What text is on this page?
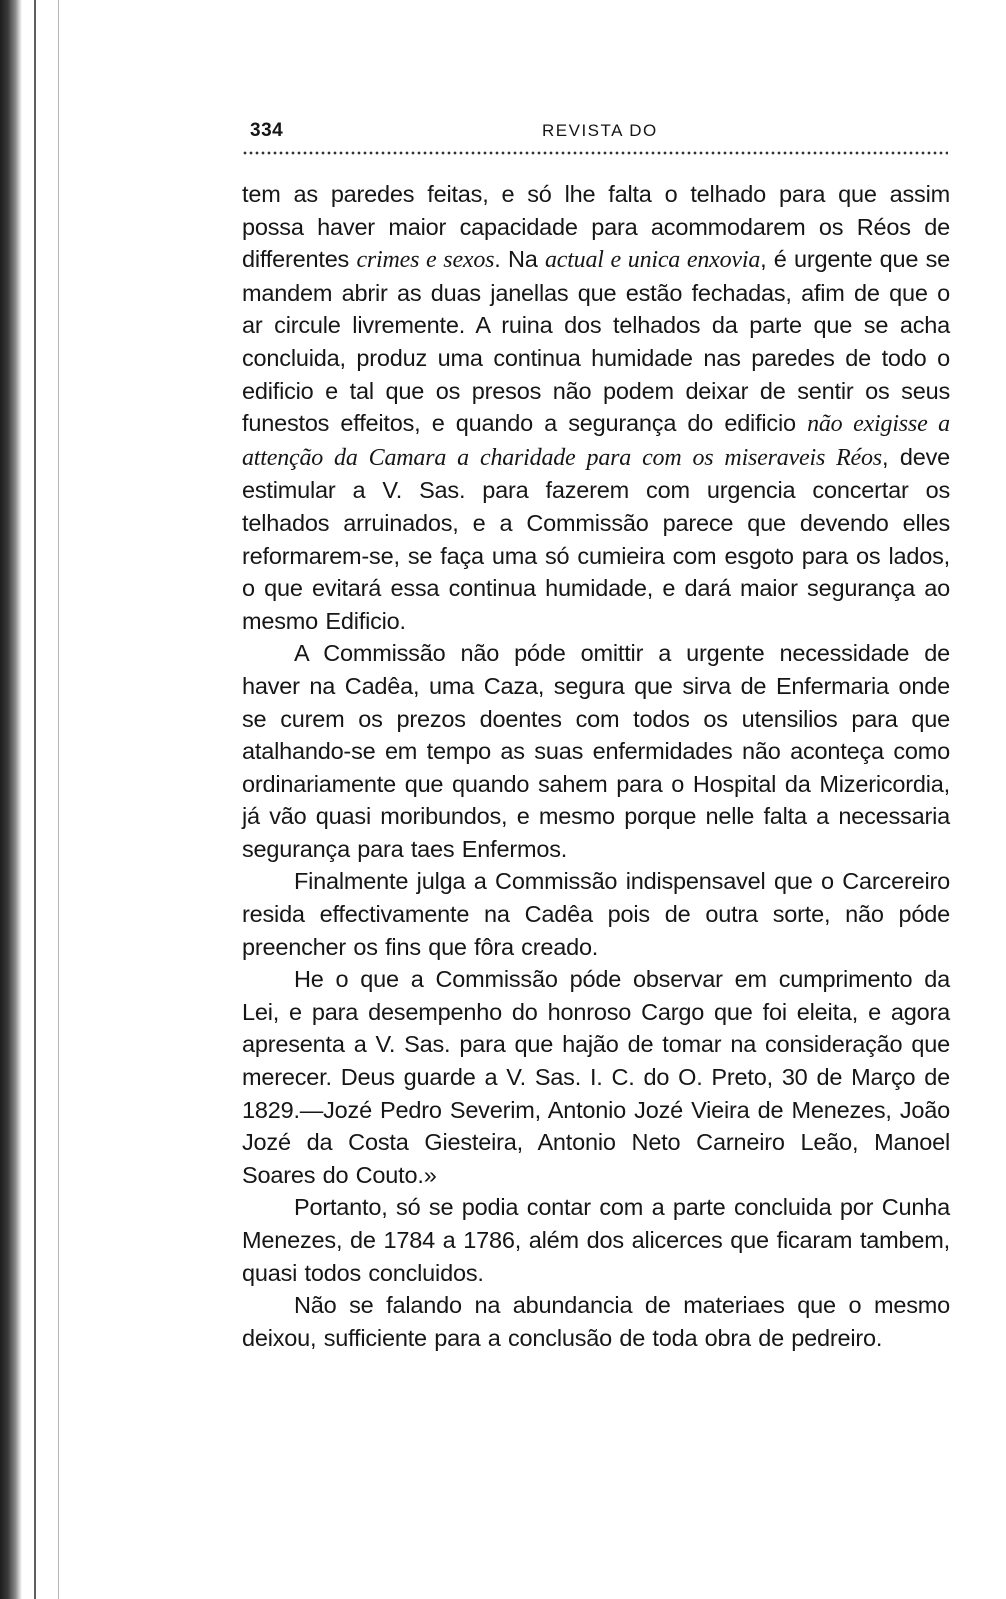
334	REVISTA DO

tem as paredes feitas, e só lhe falta o telhado para que assim possa haver maior capacidade para acommodarem os Réos de differentes crimes e sexos. Na actual e unica enxovia, é urgente que se mandem abrir as duas janellas que estão fechadas, afim de que o ar circule livremente. A ruina dos telhados da parte que se acha concluida, produz uma continua humidade nas paredes de todo o edificio e tal que os presos não podem deixar de sentir os seus funestos effeitos, e quando a segurança do edificio não exigisse a attenção da Camara a charidade para com os miseraveis Réos, deve estimular a V. Sas. para fazerem com urgencia concertar os telhados arruinados, e a Commissão parece que devendo elles reformarem-se, se faça uma só cumieira com esgoto para os lados, o que evitará essa continua humidade, e dará maior segurança ao mesmo Edificio.

A Commissão não póde omittir a urgente necessidade de haver na Cadêa, uma Caza, segura que sirva de Enfermaria onde se curem os prezos doentes com todos os utensilios para que atalhando-se em tempo as suas enfermidades não aconteça como ordinariamente que quando sahem para o Hospital da Mizericordia, já vão quasi moribundos, e mesmo porque nelle falta a necessaria segurança para taes Enfermos.

Finalmente julga a Commissão indispensavel que o Carcereiro resida effectivamente na Cadêa pois de outra sorte, não póde preencher os fins que fôra creado.

He o que a Commissão póde observar em cumprimento da Lei, e para desempenho do honroso Cargo que foi eleita, e agora apresenta a V. Sas. para que hajão de tomar na consideração que merecer. Deus guarde a V. Sas. I. C. do O. Preto, 30 de Março de 1829.—Jozé Pedro Severim, Antonio Jozé Vieira de Menezes, João Jozé da Costa Giesteira, Antonio Neto Carneiro Leão, Manoel Soares do Couto.»

Portanto, só se podia contar com a parte concluida por Cunha Menezes, de 1784 a 1786, além dos alicerces que ficaram tambem, quasi todos concluidos.

Não se falando na abundancia de materiaes que o mesmo deixou, sufficiente para a conclusão de toda obra de pedreiro.
